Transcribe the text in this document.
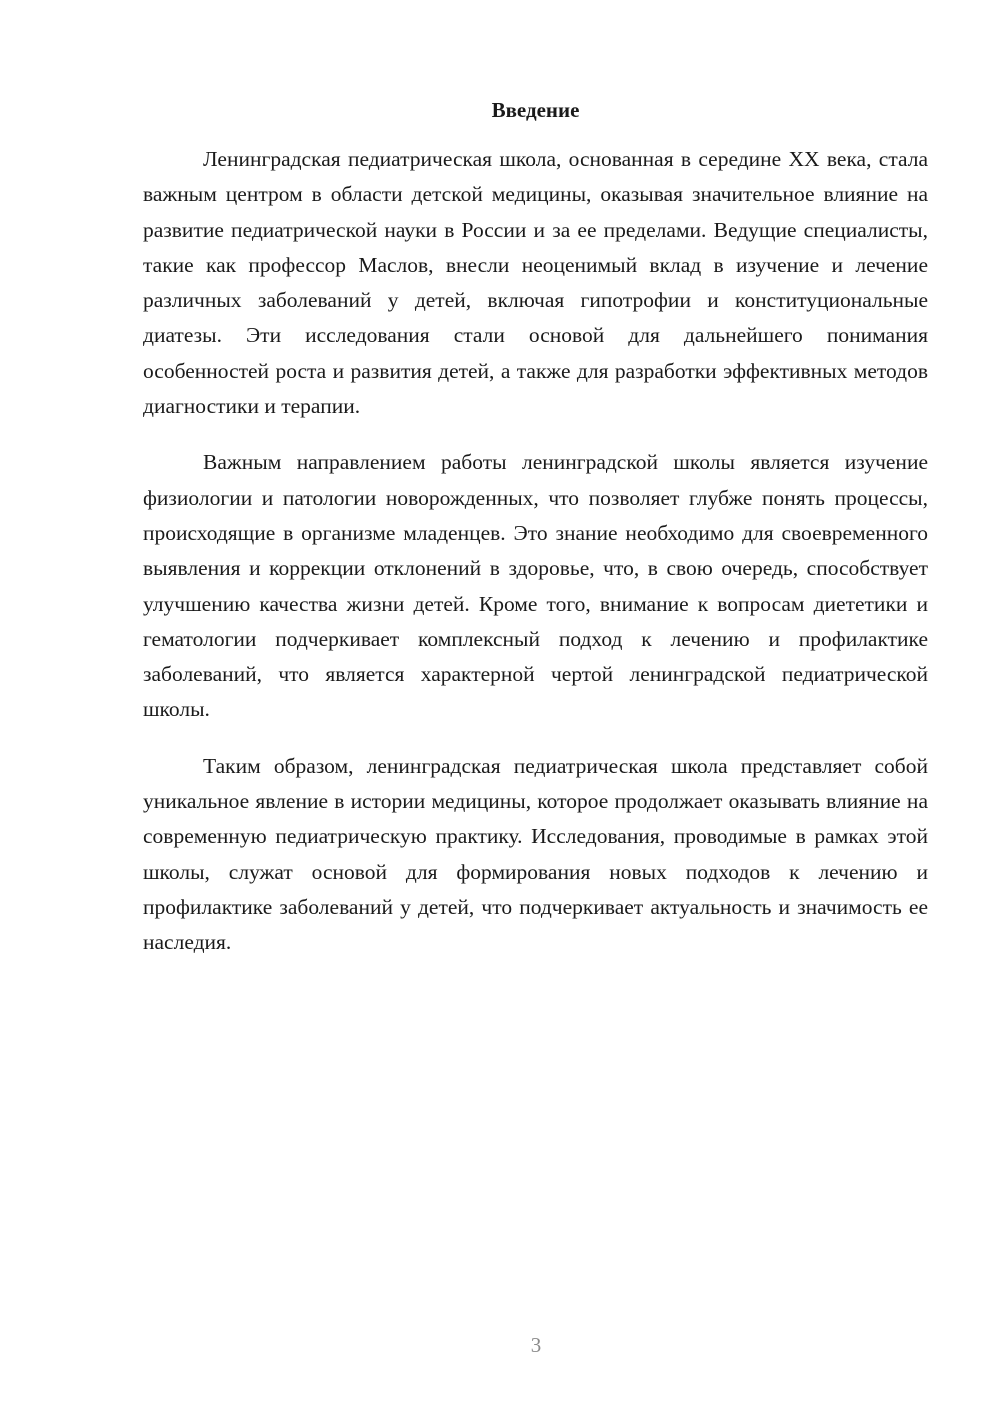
Введение

Ленинградская педиатрическая школа, основанная в середине XX века, стала важным центром в области детской медицины, оказывая значительное влияние на развитие педиатрической науки в России и за ее пределами. Ведущие специалисты, такие как профессор Маслов, внесли неоценимый вклад в изучение и лечение различных заболеваний у детей, включая гипотрофии и конституциональные диатезы. Эти исследования стали основой для дальнейшего понимания особенностей роста и развития детей, а также для разработки эффективных методов диагностики и терапии.

Важным направлением работы ленинградской школы является изучение физиологии и патологии новорожденных, что позволяет глубже понять процессы, происходящие в организме младенцев. Это знание необходимо для своевременного выявления и коррекции отклонений в здоровье, что, в свою очередь, способствует улучшению качества жизни детей. Кроме того, внимание к вопросам диететики и гематологии подчеркивает комплексный подход к лечению и профилактике заболеваний, что является характерной чертой ленинградской педиатрической школы.

Таким образом, ленинградская педиатрическая школа представляет собой уникальное явление в истории медицины, которое продолжает оказывать влияние на современную педиатрическую практику. Исследования, проводимые в рамках этой школы, служат основой для формирования новых подходов к лечению и профилактике заболеваний у детей, что подчеркивает актуальность и значимость ее наследия.

3
